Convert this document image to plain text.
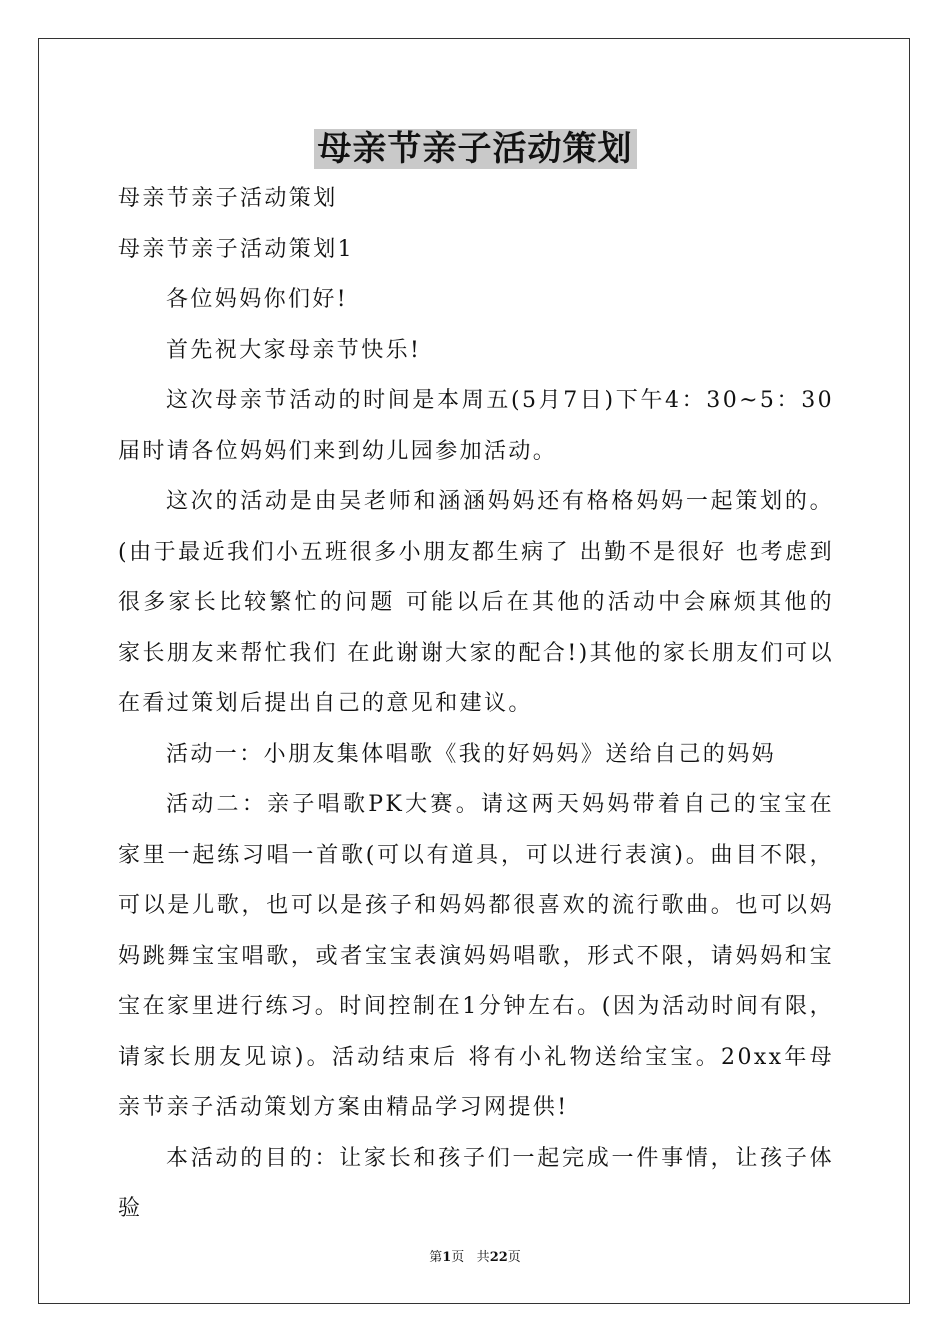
母亲节亲子活动策划

母亲节亲子活动策划

母亲节亲子活动策划1

各位妈妈你们好!

首先祝大家母亲节快乐!

这次母亲节活动的时间是本周五(5月7日)下午4：30~5：30届时请各位妈妈们来到幼儿园参加活动。

这次的活动是由吴老师和涵涵妈妈还有格格妈妈一起策划的。(由于最近我们小五班很多小朋友都生病了 出勤不是很好 也考虑到很多家长比较繁忙的问题 可能以后在其他的活动中会麻烦其他的家长朋友来帮忙我们 在此谢谢大家的配合!)其他的家长朋友们可以在看过策划后提出自己的意见和建议。

活动一：小朋友集体唱歌《我的好妈妈》送给自己的妈妈

活动二：亲子唱歌PK大赛。请这两天妈妈带着自己的宝宝在家里一起练习唱一首歌(可以有道具，可以进行表演)。曲目不限，可以是儿歌，也可以是孩子和妈妈都很喜欢的流行歌曲。也可以妈妈跳舞宝宝唱歌，或者宝宝表演妈妈唱歌，形式不限，请妈妈和宝宝在家里进行练习。时间控制在1分钟左右。(因为活动时间有限，请家长朋友见谅)。活动结束后 将有小礼物送给宝宝。20xx年母亲节亲子活动策划方案由精品学习网提供!

本活动的目的：让家长和孩子们一起完成一件事情，让孩子体验

第1页 共22页
